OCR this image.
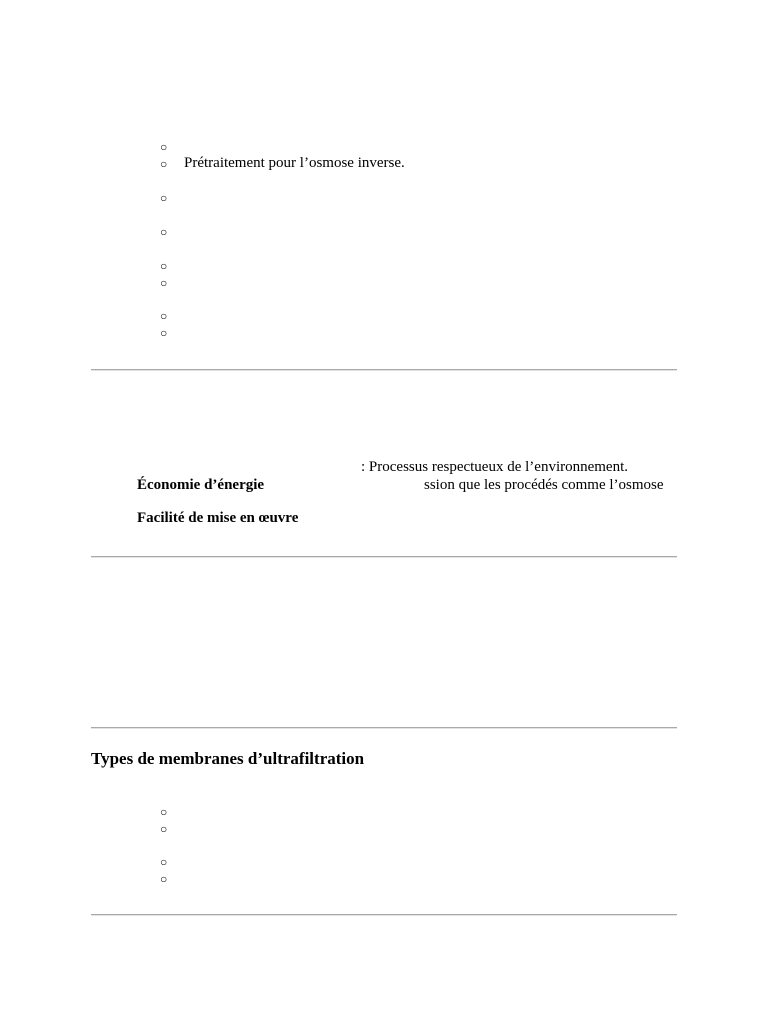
○
○ Prétraitement pour l’osmose inverse.
○
○
○
○
○
○
: Processus respectueux de l’environnement.
Économie d’énergie	ssion que les procédés comme l’osmose
Facilité de mise en œuvre
Types de membranes d’ultrafiltration
○
○
○
○
